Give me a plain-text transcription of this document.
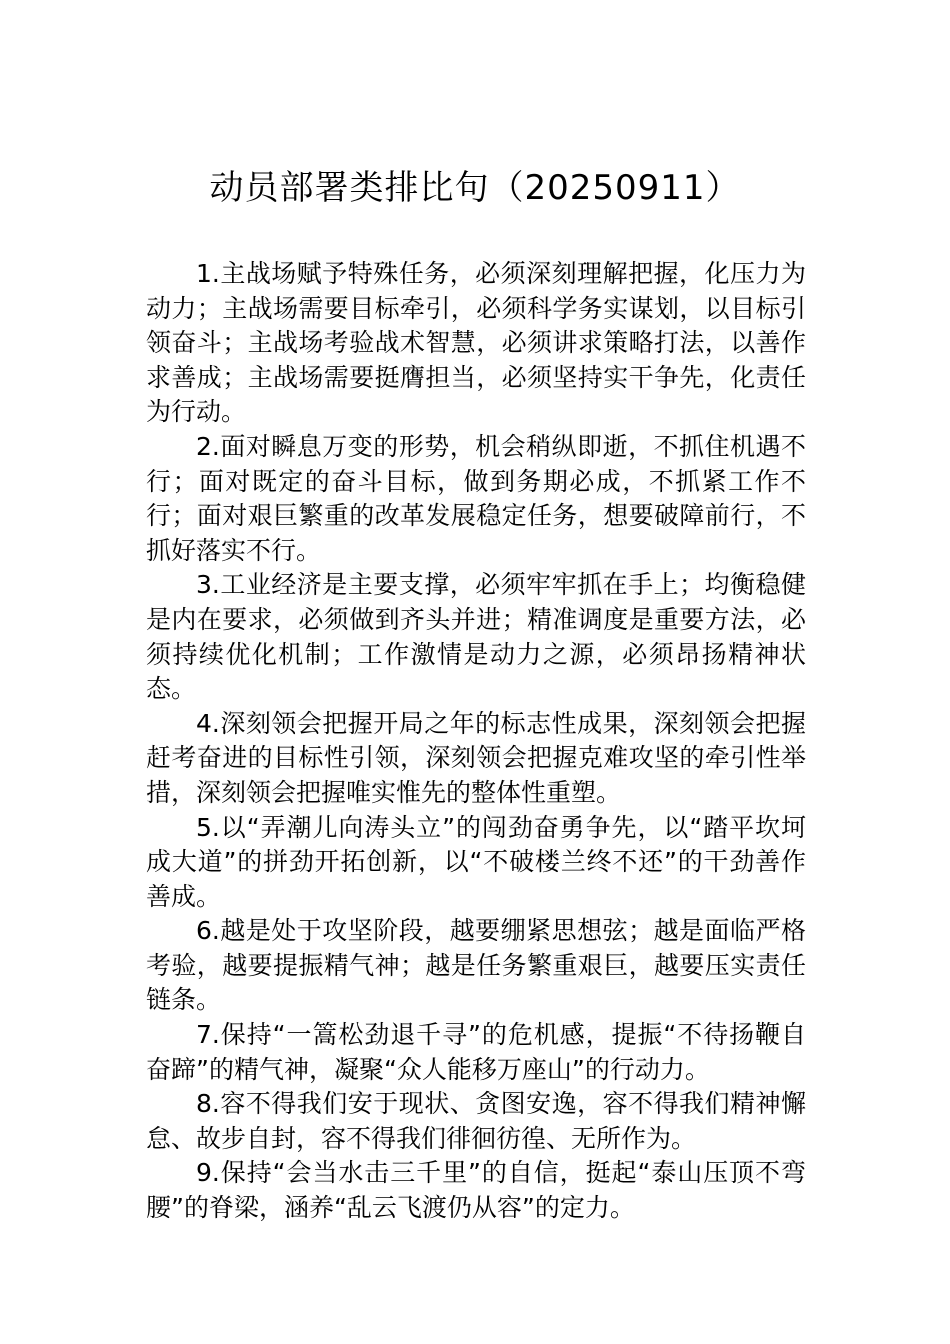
动员部署类排比句（20250911）

1.主战场赋予特殊任务，必须深刻理解把握，化压力为动力；主战场需要目标牵引，必须科学务实谋划，以目标引领奋斗；主战场考验战术智慧，必须讲求策略打法，以善作求善成；主战场需要挺膺担当，必须坚持实干争先，化责任为行动。

2.面对瞬息万变的形势，机会稍纵即逝，不抓住机遇不行；面对既定的奋斗目标，做到务期必成，不抓紧工作不行；面对艰巨繁重的改革发展稳定任务，想要破障前行，不抓好落实不行。

3.工业经济是主要支撑，必须牢牢抓在手上；均衡稳健是内在要求，必须做到齐头并进；精准调度是重要方法，必须持续优化机制；工作激情是动力之源，必须昂扬精神状态。

4.深刻领会把握开局之年的标志性成果，深刻领会把握赶考奋进的目标性引领，深刻领会把握克难攻坚的牵引性举措，深刻领会把握唯实惟先的整体性重塑。

5.以“弄潮儿向涛头立”的闯劲奋勇争先，以“踏平坎坷成大道”的拼劲开拓创新，以“不破楼兰终不还”的干劲善作善成。

6.越是处于攻坚阶段，越要绷紧思想弦；越是面临严格考验，越要提振精气神；越是任务繁重艰巨，越要压实责任链条。

7.保持“一篙松劲退千寻”的危机感，提振“不待扬鞭自奋蹄”的精气神，凝聚“众人能移万座山”的行动力。

8.容不得我们安于现状、贪图安逸，容不得我们精神懈怠、故步自封，容不得我们徘徊彷徨、无所作为。

9.保持“会当水击三千里”的自信，挺起“泰山压顶不弯腰”的脊梁，涵养“乱云飞渡仍从容”的定力。
